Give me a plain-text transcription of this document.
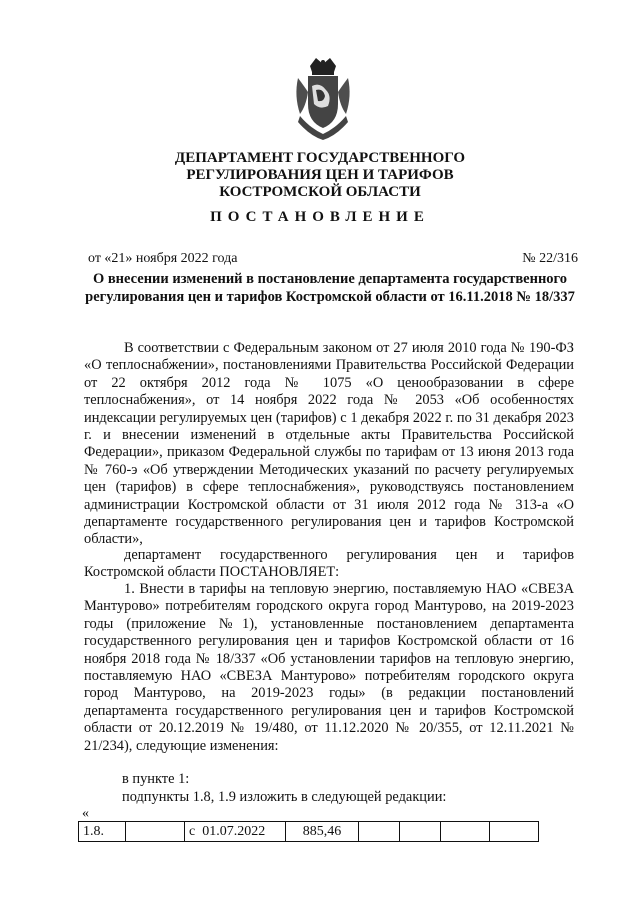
ДЕПАРТАМЕНТ ГОСУДАРСТВЕННОГО
РЕГУЛИРОВАНИЯ ЦЕН И ТАРИФОВ
КОСТРОМСКОЙ ОБЛАСТИ
ПОСТАНОВЛЕНИЕ
от «21» ноября 2022 года	№ 22/316
О внесении изменений в постановление департамента государственного
регулирования цен и тарифов Костромской области от 16.11.2018 № 18/337

В соответствии с Федеральным законом от 27 июля 2010 года № 190-ФЗ «О теплоснабжении», постановлениями Правительства Российской Федерации от 22 октября 2012 года № 1075 «О ценообразовании в сфере теплоснабжения», от 14 ноября 2022 года № 2053 «Об особенностях индексации регулируемых цен (тарифов) с 1 декабря 2022 г. по 31 декабря 2023 г. и внесении изменений в отдельные акты Правительства Российской Федерации», приказом Федеральной службы по тарифам от 13 июня 2013 года № 760-э «Об утверждении Методических указаний по расчету регулируемых цен (тарифов) в сфере теплоснабжения», руководствуясь постановлением администрации Костромской области от 31 июля 2012 года № 313-а «О департаменте государственного регулирования цен и тарифов Костромской области»,

департамент государственного регулирования цен и тарифов Костромской области ПОСТАНОВЛЯЕТ:

1. Внести в тарифы на тепловую энергию, поставляемую НАО «СВЕЗА Мантурово» потребителям городского округа город Мантурово, на 2019-2023 годы (приложение №1), установленные постановлением департамента государственного регулирования цен и тарифов Костромской области от 16 ноября 2018 года № 18/337 «Об установлении тарифов на тепловую энергию, поставляемую НАО «СВЕЗА Мантурово» потребителям городского округа город Мантурово, на 2019-2023 годы» (в редакции постановлений департамента государственного регулирования цен и тарифов Костромской области от 20.12.2019 № 19/480, от 11.12.2020 № 20/355, от 12.11.2021 № 21/234), следующие изменения:

в пункте 1:
подпункты 1.8, 1.9 изложить в следующей редакции:
«
1.8.		с 01.07.2022	885,46				
